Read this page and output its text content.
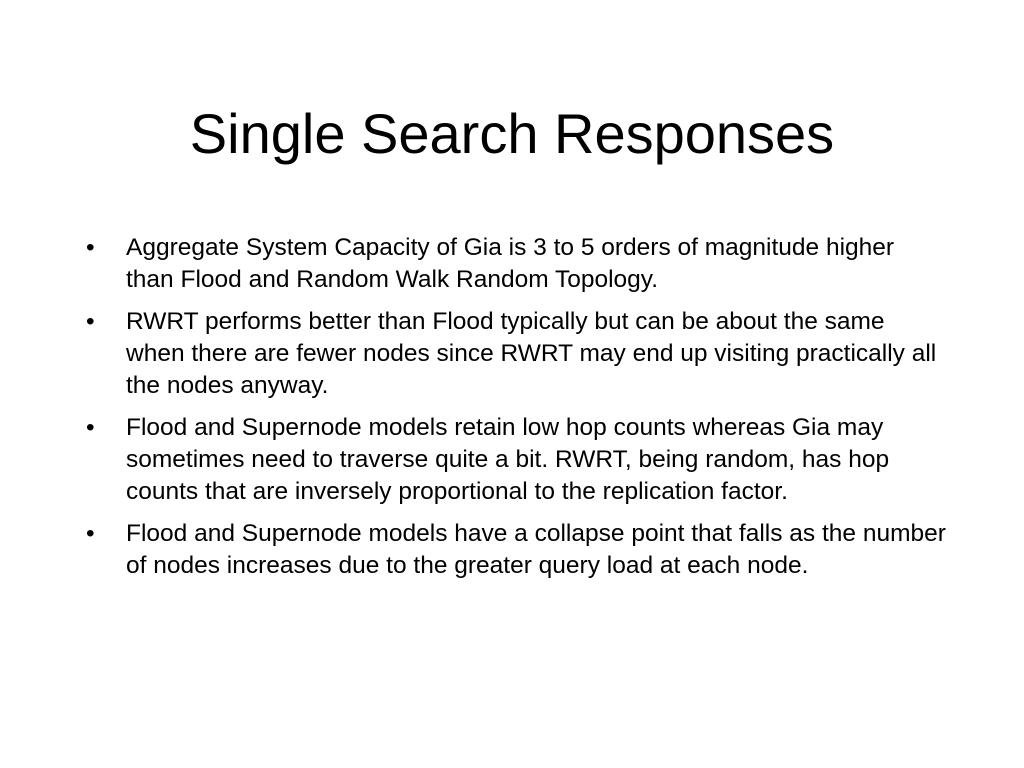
Single Search Responses
•	Aggregate System Capacity of Gia is 3 to 5 orders of magnitude higher than Flood and Random Walk Random Topology.
•	RWRT performs better than Flood typically but can be about the same when there are fewer nodes since RWRT may end up visiting practically all the nodes anyway.
•	Flood and Supernode models retain low hop counts whereas Gia may sometimes need to traverse quite a bit. RWRT, being random, has hop counts that are inversely proportional to the replication factor.
•	Flood and Supernode models have a collapse point that falls as the number of nodes increases due to the greater query load at each node.
